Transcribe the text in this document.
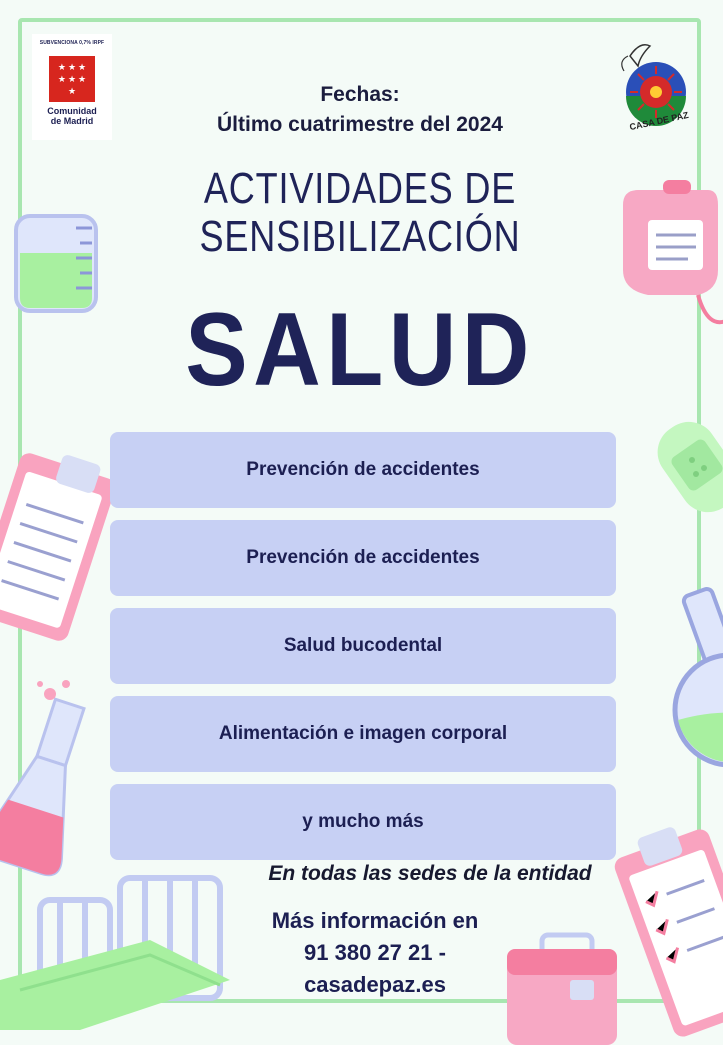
SUBVENCIONA 0,7% IRPF
★ ★ ★
★ ★ ★
★
Comunidad
de Madrid	CASA DE PAZ
Fechas:
Último cuatrimestre del 2024
ACTIVIDADES DE
SENSIBILIZACIÓN
SALUD
Prevención de accidentes
Prevención de accidentes
Salud bucodental
Alimentación e imagen corporal
y mucho más
En todas las sedes de la entidad
Más información en
91 380 27 21 -
casadepaz.es
